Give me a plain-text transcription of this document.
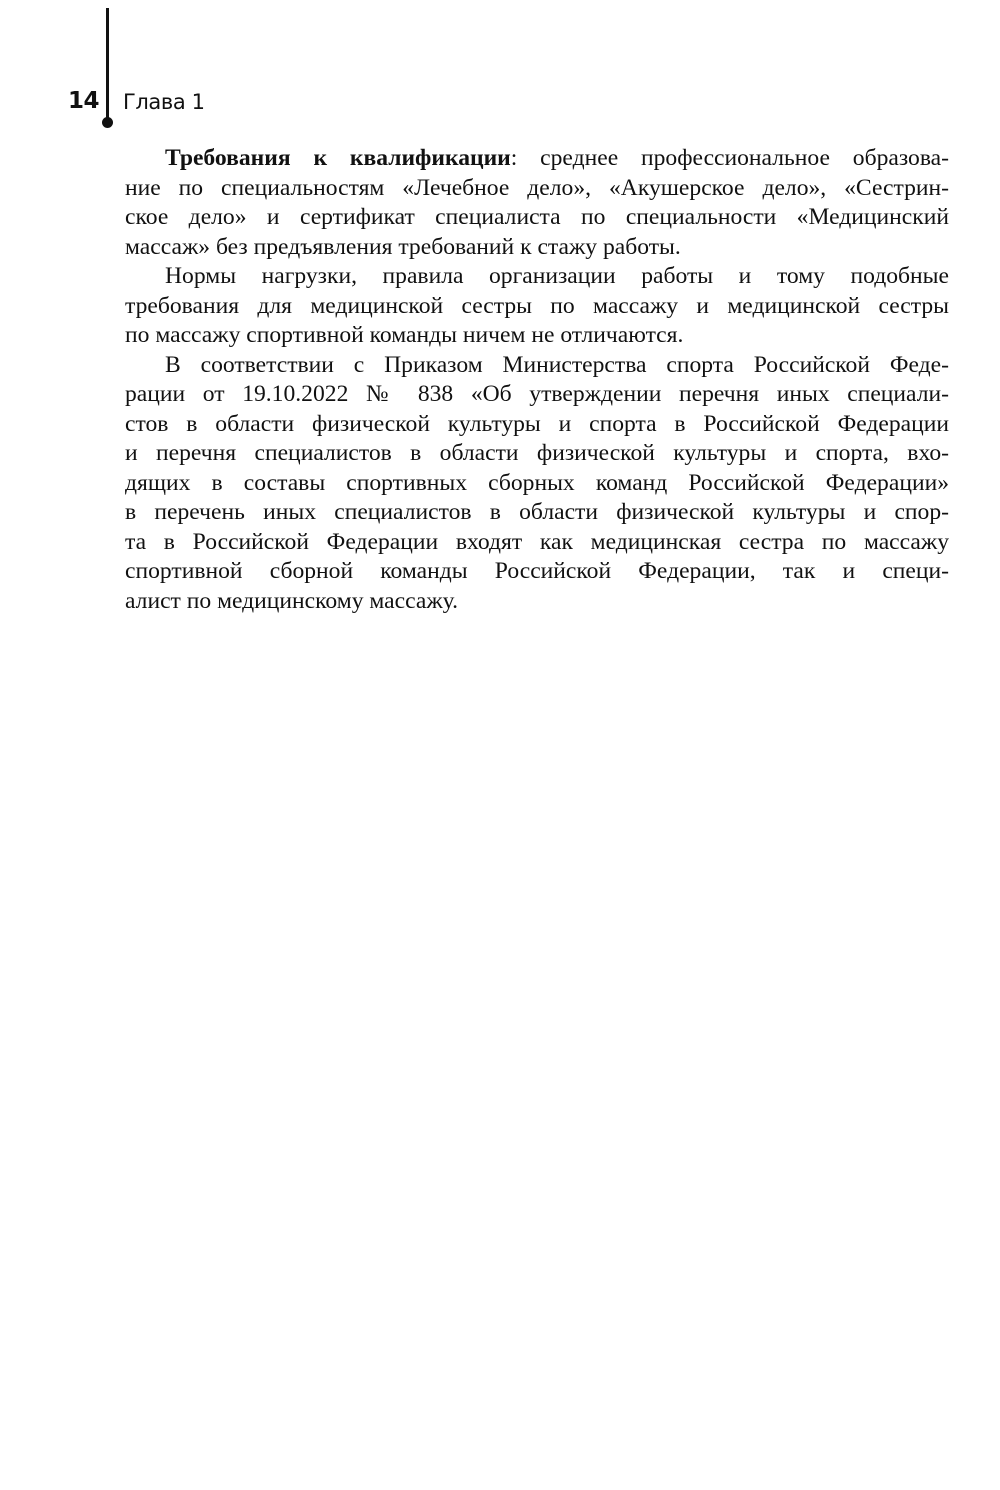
14 Глава 1

Требования к квалификации: среднее профессиональное образова-
ние по специальностям «Лечебное дело», «Акушерское дело», «Сестрин-
ское дело» и сертификат специалиста по специальности «Медицинский
массаж» без предъявления требований к стажу работы.

Нормы нагрузки, правила организации работы и тому подобные
требования для медицинской сестры по массажу и медицинской сестры
по массажу спортивной команды ничем не отличаются.

В соответствии с Приказом Министерства спорта Российской Феде-
рации от 19.10.2022 № 838 «Об утверждении перечня иных специали-
стов в области физической культуры и спорта в Российской Федерации
и перечня специалистов в области физической культуры и спорта, вхо-
дящих в составы спортивных сборных команд Российской Федерации»
в перечень иных специалистов в области физической культуры и спор-
та в Российской Федерации входят как медицинская сестра по массажу
спортивной сборной команды Российской Федерации, так и специ-
алист по медицинскому массажу.
